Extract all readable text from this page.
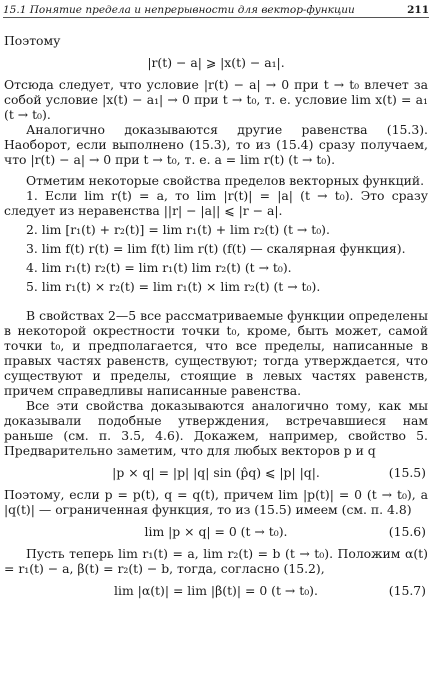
15.1 Понятие предела и непрерывности для вектор-функции	211

Поэтому

|r(t) − a| ⩾ |x(t) − a₁|.

Отсюда следует, что условие |r(t) − a| → 0 при t → t₀ влечет за собой условие |x(t) − a₁| → 0 при t → t₀, т. е. условие lim x(t) = a₁ (t → t₀).

Аналогично доказываются другие равенства (15.3). Наоборот, если выполнено (15.3), то из (15.4) сразу получаем, что |r(t) − a| → 0 при t → t₀, т. е. a = lim r(t) (t → t₀).

Отметим некоторые свойства пределов векторных функций.

1. Если lim r(t) = a, то lim |r(t)| = |a| (t → t₀). Это сразу следует из неравенства ||r| − |a|| ⩽ |r − a|.

2. lim [r₁(t) + r₂(t)] = lim r₁(t) + lim r₂(t) (t → t₀).

3. lim f(t) r(t) = lim f(t) lim r(t) (f(t) — скалярная функция).

4. lim r₁(t) r₂(t) = lim r₁(t) lim r₂(t) (t → t₀).

5. lim r₁(t) × r₂(t) = lim r₁(t) × lim r₂(t) (t → t₀).

В свойствах 2—5 все рассматриваемые функции определены в некоторой окрестности точки t₀, кроме, быть может, самой точки t₀, и предполагается, что все пределы, написанные в правых частях равенств, существуют; тогда утверждается, что существуют и пределы, стоящие в левых частях равенств, причем справедливы написанные равенства.

Все эти свойства доказываются аналогично тому, как мы доказывали подобные утверждения, встречавшиеся нам раньше (см. п. 3.5, 4.6). Докажем, например, свойство 5. Предварительно заметим, что для любых векторов p и q

|p × q| = |p| |q| sin (p̂q) ⩽ |p| |q|.	(15.5)

Поэтому, если p = p(t), q = q(t), причем lim |p(t)| = 0 (t → t₀), а |q(t)| — ограниченная функция, то из (15.5) имеем (см. п. 4.8)

lim |p × q| = 0 (t → t₀).	(15.6)

Пусть теперь lim r₁(t) = a, lim r₂(t) = b (t → t₀). Положим α(t) = r₁(t) − a, β(t) = r₂(t) − b, тогда, согласно (15.2),

lim |α(t)| = lim |β(t)| = 0 (t → t₀).	(15.7)
